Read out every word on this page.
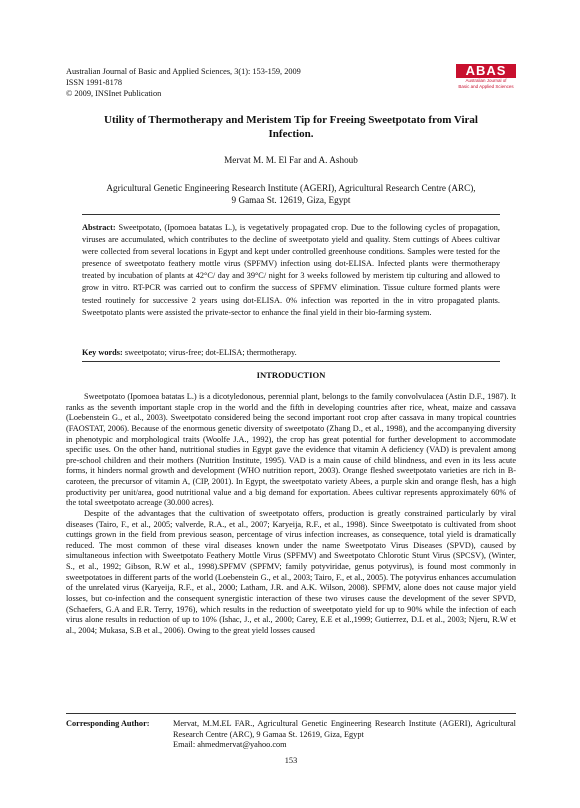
Australian Journal of Basic and Applied Sciences, 3(1): 153-159, 2009
ISSN 1991-8178
© 2009, INSInet Publication
ABAS
Australian Journal of
Basic and Applied Sciences
Utility of Thermotherapy and Meristem Tip for Freeing Sweetpotato from Viral
Infection.
Mervat M. M. El Far and A. Ashoub
Agricultural Genetic Engineering Research Institute (AGERI), Agricultural Research Centre (ARC),
9 Gamaa St. 12619, Giza, Egypt
Abstract: Sweetpotato, (Ipomoea batatas L.), is vegetatively propagated crop. Due to the following cycles of propagation, viruses are accumulated, which contributes to the decline of sweetpotato yield and quality. Stem cuttings of Abees cultivar were collected from several locations in Egypt and kept under controlled greenhouse conditions. Samples were tested for the presence of sweetpotato feathery mottle virus (SPFMV) infection using dot-ELISA. Infected plants were thermotherapy treated by incubation of plants at 42°C/ day and 39°C/ night for 3 weeks followed by meristem tip culturing and allowed to grow in vitro. RT-PCR was carried out to confirm the success of SPFMV elimination. Tissue culture formed plants were tested routinely for successive 2 years using dot-ELISA. 0% infection was reported in the in vitro propagated plants. Sweetpotato plants were assisted the private-sector to enhance the final yield in their bio-farming system.
Key words: sweetpotato; virus-free; dot-ELISA; thermotherapy.
INTRODUCTION

Sweetpotato (Ipomoea batatas L.) is a dicotyledonous, perennial plant, belongs to the family convolvulacea (Astin D.F., 1987). It ranks as the seventh important staple crop in the world and the fifth in developing countries after rice, wheat, maize and cassava (Loebenstein G., et al., 2003). Sweetpotato considered being the second important root crop after cassava in many tropical countries (FAOSTAT, 2006). Because of the enormous genetic diversity of sweetpotato (Zhang D., et al., 1998), and the accompanying diversity in phenotypic and morphological traits (Woolfe J.A., 1992), the crop has great potential for further development to accommodate specific uses. On the other hand, nutritional studies in Egypt gave the evidence that vitamin A deficiency (VAD) is prevalent among pre-school children and their mothers (Nutrition Institute, 1995). VAD is a main cause of child blindness, and even in its less acute forms, it hinders normal growth and development (WHO nutrition report, 2003). Orange fleshed sweetpotato varieties are rich in B-caroteen, the precursor of vitamin A, (CIP, 2001). In Egypt, the sweetpotato variety Abees, a purple skin and orange flesh, has a high productivity per unit/area, good nutritional value and a big demand for exportation. Abees cultivar represents approximately 60% of the total sweetpotato acreage (30.000 acres).

Despite of the advantages that the cultivation of sweetpotato offers, production is greatly constrained particularly by viral diseases (Tairo, F., et al., 2005; valverde, R.A., et al., 2007; Karyeija, R.F., et al., 1998). Since Sweetpotato is cultivated from shoot cuttings grown in the field from previous season, percentage of virus infection increases, as consequence, total yield is dramatically reduced. The most common of these viral diseases known under the name Sweetpotato Virus Diseases (SPVD), caused by simultaneous infection with Sweetpotato Feathery Mottle Virus (SPFMV) and Sweetpotato Chlorotic Stunt Virus (SPCSV), (Winter, S., et al., 1992; Gibson, R.W et al., 1998).SPFMV (SPFMV; family potyviridae, genus potyvirus), is found most commonly in sweetpotatoes in different parts of the world (Loebenstein G., et al., 2003; Tairo, F., et al., 2005). The potyvirus enhances accumulation of the unrelated virus (Karyeija, R.F., et al., 2000; Latham, J.R. and A.K. Wilson, 2008). SPFMV, alone does not cause major yield losses, but co-infection and the consequent synergistic interaction of these two viruses cause the development of the sever SPVD, (Schaefers, G.A and E.R. Terry, 1976), which results in the reduction of sweetpotato yield for up to 90% while the infection of each virus alone results in reduction of up to 10% (Ishac, J., et al., 2000; Carey, E.E et al.,1999; Gutierrez, D.L et al., 2003; Njeru, R.W et al., 2004; Mukasa, S.B et al., 2006). Owing to the great yield losses caused

Corresponding Author:	Mervat, M.M.EL FAR., Agricultural Genetic Engineering Research Institute (AGERI), Agricultural Research Centre (ARC), 9 Gamaa St. 12619, Giza, Egypt
Email: ahmedmervat@yahoo.com
153
